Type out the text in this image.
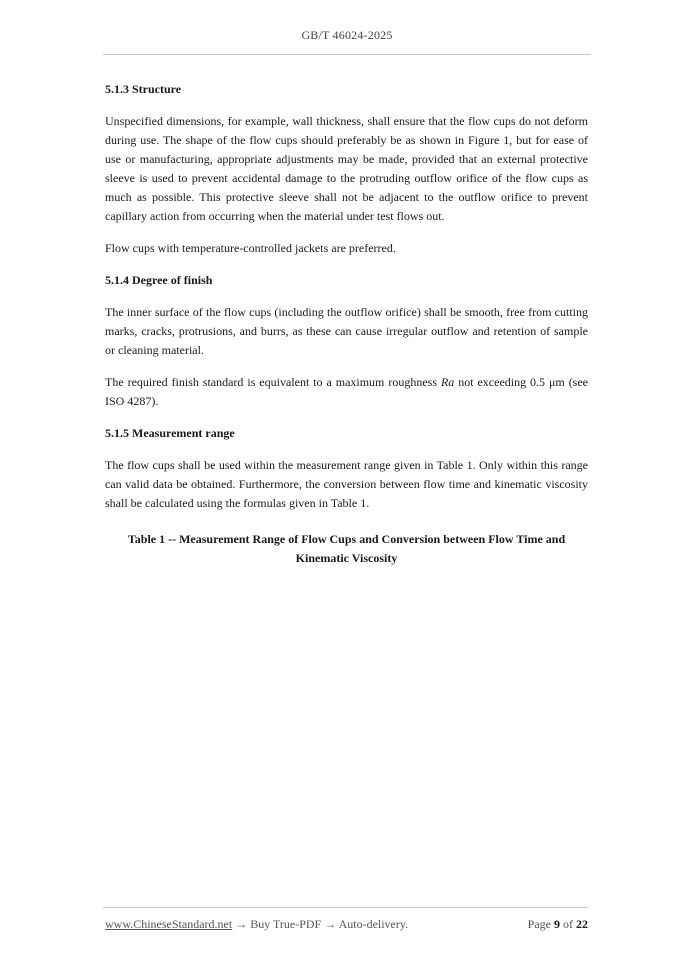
GB/T 46024-2025
5.1.3 Structure

Unspecified dimensions, for example, wall thickness, shall ensure that the flow cups do not deform during use. The shape of the flow cups should preferably be as shown in Figure 1, but for ease of use or manufacturing, appropriate adjustments may be made, provided that an external protective sleeve is used to prevent accidental damage to the protruding outflow orifice of the flow cups as much as possible. This protective sleeve shall not be adjacent to the outflow orifice to prevent capillary action from occurring when the material under test flows out.

Flow cups with temperature-controlled jackets are preferred.

5.1.4 Degree of finish

The inner surface of the flow cups (including the outflow orifice) shall be smooth, free from cutting marks, cracks, protrusions, and burrs, as these can cause irregular outflow and retention of sample or cleaning material.

The required finish standard is equivalent to a maximum roughness Ra not exceeding 0.5 μm (see ISO 4287).

5.1.5 Measurement range

The flow cups shall be used within the measurement range given in Table 1. Only within this range can valid data be obtained. Furthermore, the conversion between flow time and kinematic viscosity shall be calculated using the formulas given in Table 1.

Table 1 -- Measurement Range of Flow Cups and Conversion between Flow Time and
Kinematic Viscosity
www.ChineseStandard.net → Buy True-PDF → Auto-delivery.	Page 9 of 22
